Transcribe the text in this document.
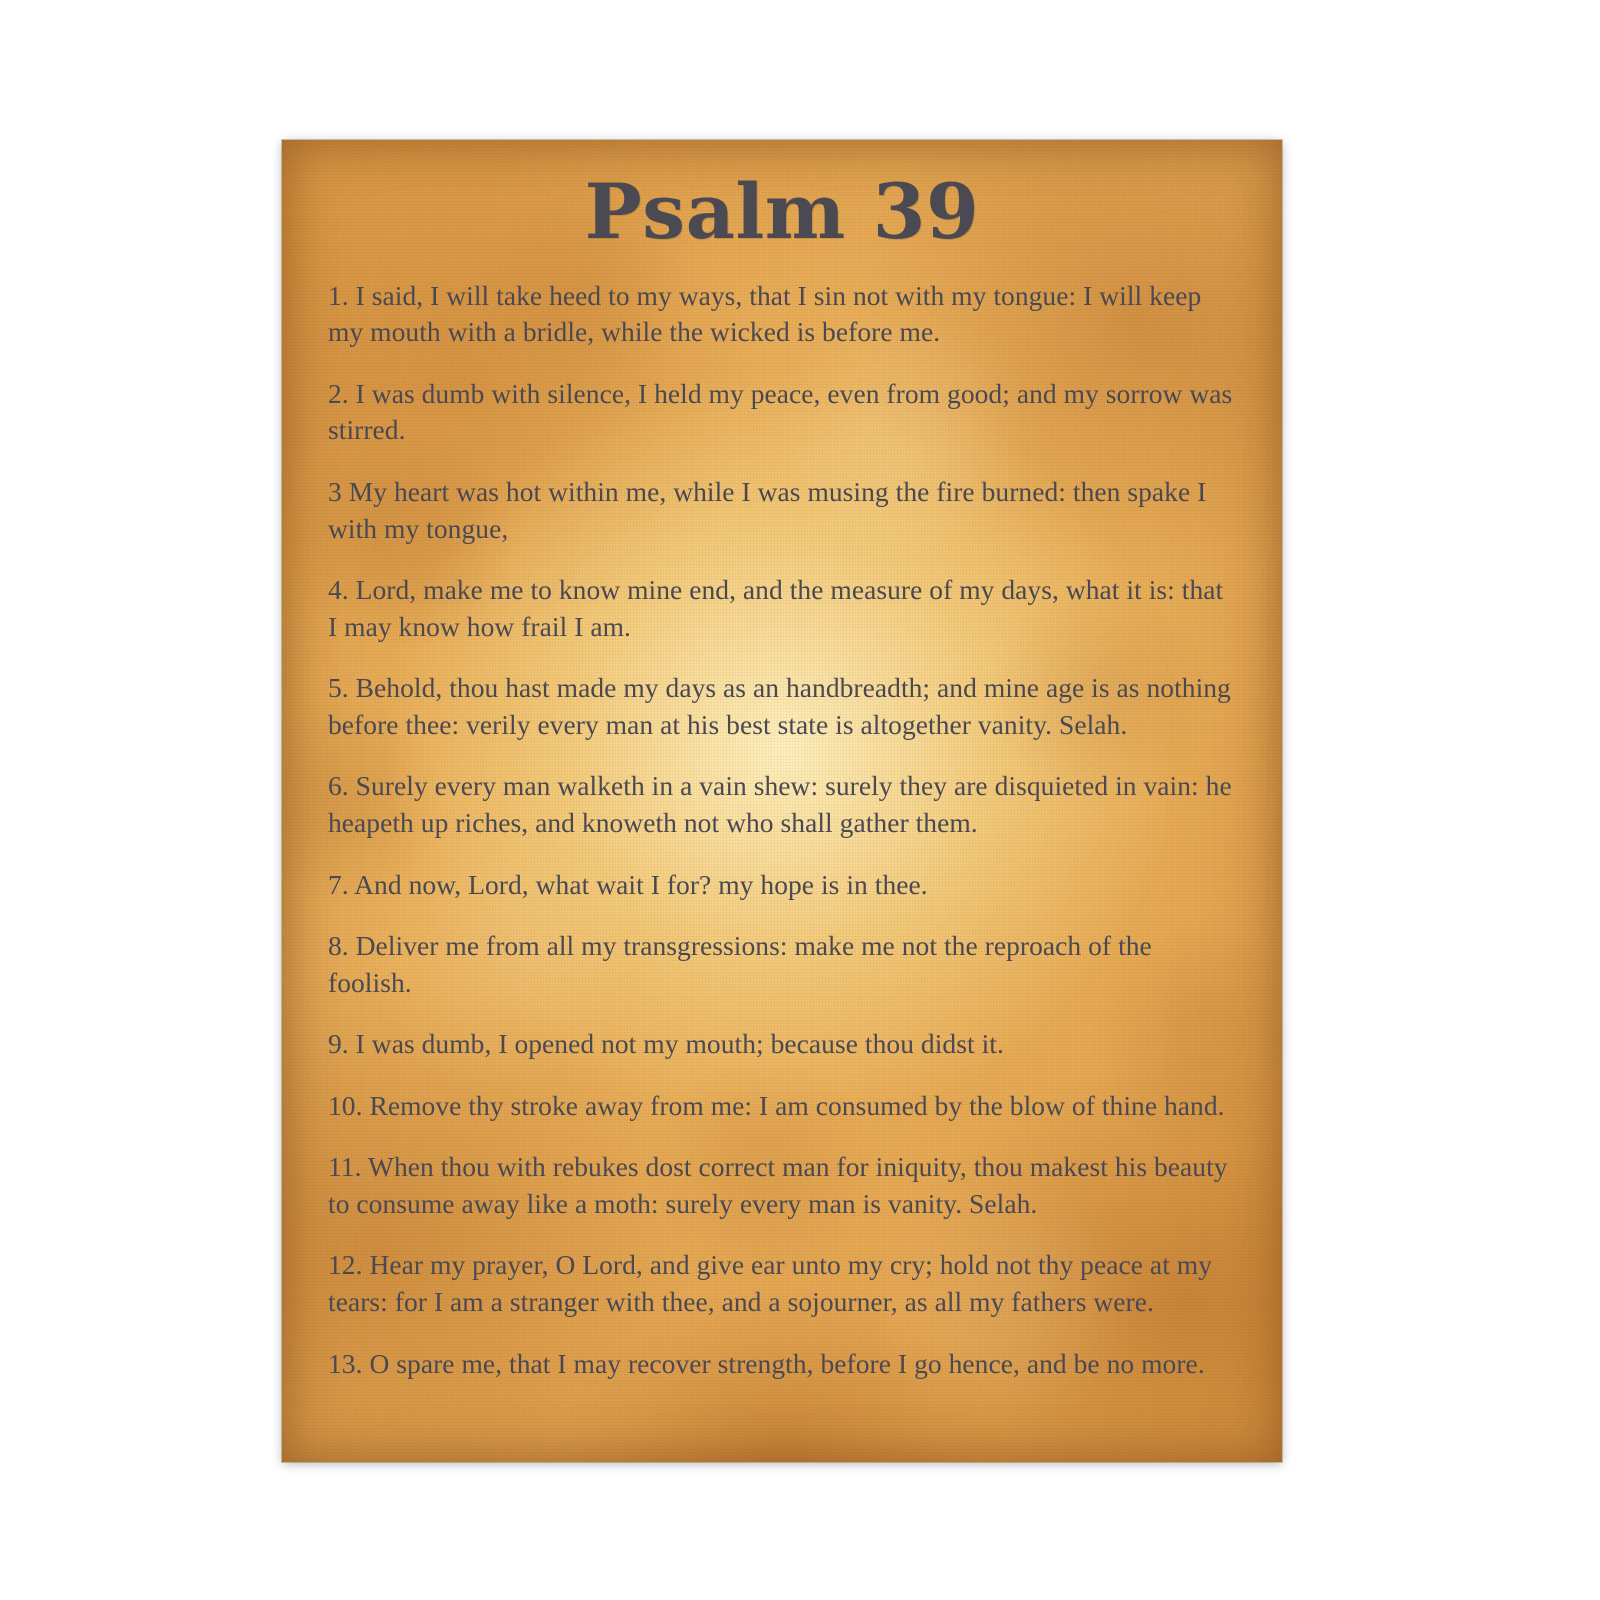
Psalm 39

1. I said, I will take heed to my ways, that I sin not with my tongue: I will keep my mouth with a bridle, while the wicked is before me.

2. I was dumb with silence, I held my peace, even from good; and my sorrow was stirred.

3 My heart was hot within me, while I was musing the fire burned: then spake I with my tongue,

4. Lord, make me to know mine end, and the measure of my days, what it is: that I may know how frail I am.

5. Behold, thou hast made my days as an handbreadth; and mine age is as nothing before thee: verily every man at his best state is altogether vanity. Selah.

6. Surely every man walketh in a vain shew: surely they are disquieted in vain: he heapeth up riches, and knoweth not who shall gather them.

7. And now, Lord, what wait I for? my hope is in thee.

8. Deliver me from all my transgressions: make me not the reproach of the foolish.

9. I was dumb, I opened not my mouth; because thou didst it.

10. Remove thy stroke away from me: I am consumed by the blow of thine hand.

11. When thou with rebukes dost correct man for iniquity, thou makest his beauty to consume away like a moth: surely every man is vanity. Selah.

12. Hear my prayer, O Lord, and give ear unto my cry; hold not thy peace at my tears: for I am a stranger with thee, and a sojourner, as all my fathers were.

13. O spare me, that I may recover strength, before I go hence, and be no more.
